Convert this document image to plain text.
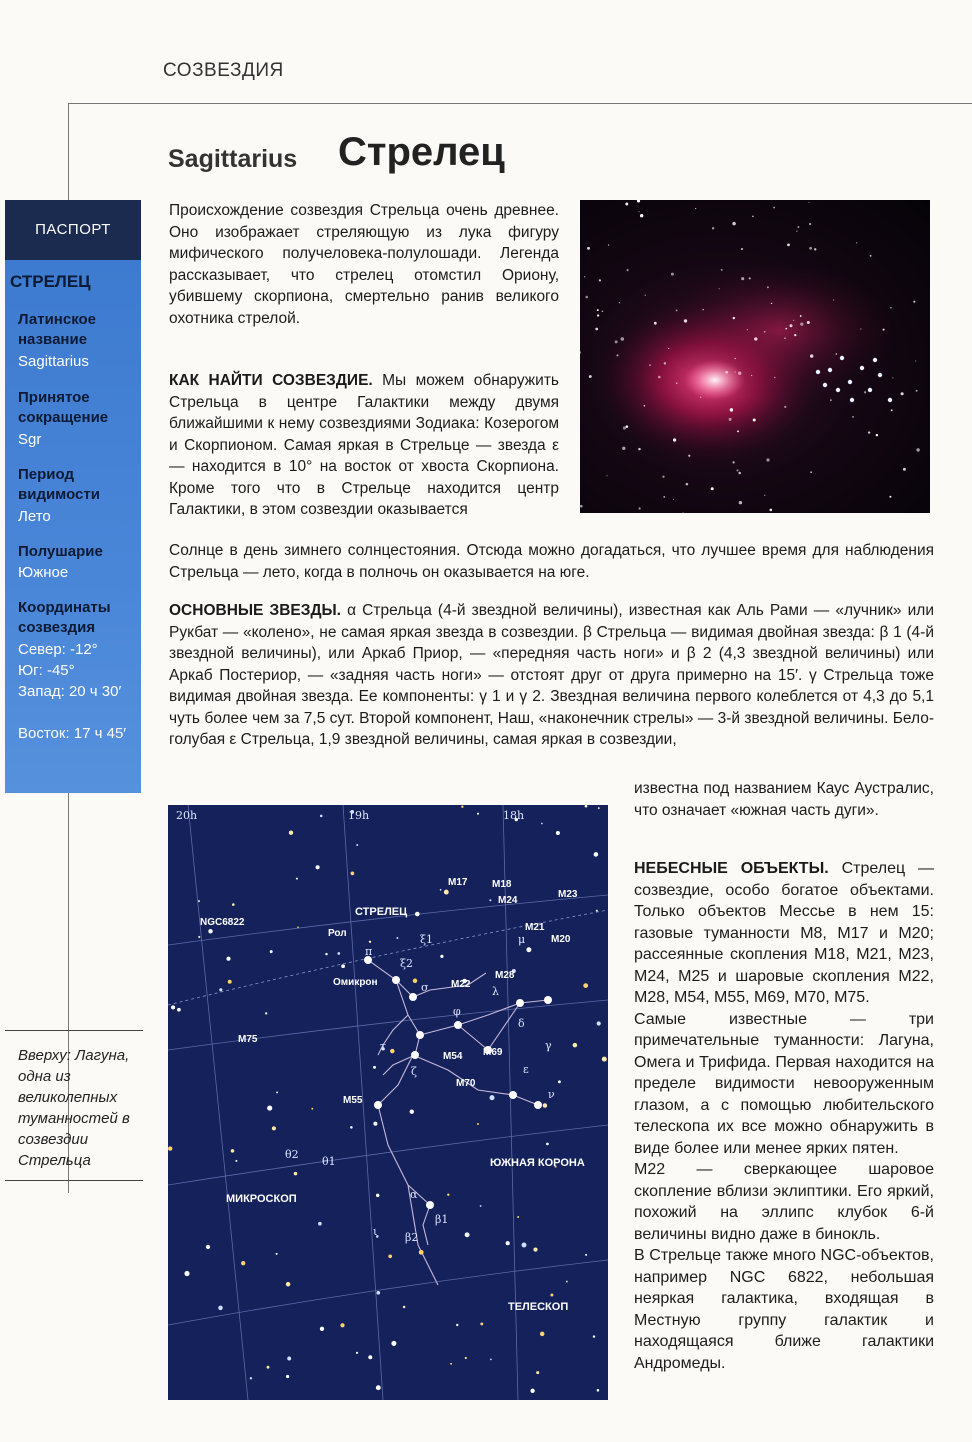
СОЗВЕЗДИЯ
Sagittarius Стрелец
ПАСПОРТ
СТРЕЛЕЦ
Латинское название
Sagittarius
Принятое сокращение
Sgr
Период видимости
Лето
Полушарие
Южное
Координаты созвездия
Север: -12°
Юг: -45°
Запад: 20 ч 30′
Восток: 17 ч 45′
Вверху: Лагуна, одна из великолепных туманностей в созвездии Стрельца
Происхождение созвездия Стрельца очень древнее. Оно изображает стреляющую из лука фигуру мифического получеловека-полулошади. Легенда рассказывает, что стрелец отомстил Ориону, убившему скорпиона, смертельно ранив великого охотника стрелой.
КАК НАЙТИ СОЗВЕЗДИЕ. Мы можем обнаружить Стрельца в центре Галактики между двумя ближайшими к нему созвездиями Зодиака: Козерогом и Скорпионом. Самая яркая в Стрельце — звезда ε — находится в 10° на восток от хвоста Скорпиона. Кроме того что в Стрельце находится центр Галактики, в этом созвездии оказывается
Солнце в день зимнего солнцестояния. Отсюда можно догадаться, что лучшее время для наблюдения Стрельца — лето, когда в полночь он оказывается на юге.
ОСНОВНЫЕ ЗВЕЗДЫ. α Стрельца (4-й звездной величины), известная как Аль Рами — «лучник» или Рукбат — «колено», не самая яркая звезда в созвездии. β Стрельца — видимая двойная звезда: β 1 (4-й звездной величины), или Аркаб Приор, — «передняя часть ноги» и β 2 (4,3 звездной величины) или Аркаб Постериор, — «задняя часть ноги» — отстоят друг от друга примерно на 15′. γ Стрельца тоже видимая двойная звезда. Ее компоненты: γ 1 и γ 2. Звездная величина первого колеблется от 4,3 до 5,1 чуть более чем за 7,5 сут. Второй компонент, Наш, «наконечник стрелы» — 3-й звездной величины. Бело-голубая ε Стрельца, 1,9 звездной величины, самая яркая в созвездии,
известна под названием Каус Аустралис, что означает «южная часть дуги».
НЕБЕСНЫЕ ОБЪЕКТЫ. Стрелец — созвездие, особо богатое объектами. Только объектов Мессье в нем 15: газовые туманности M8, M17 и M20; рассеянные скопления M18, M21, M23, M24, M25 и шаровые скопления M22, M28, M54, M55, M69, M70, M75.
Самые известные — три примечательные туманности: Лагуна, Омега и Трифида. Первая находится на пределе видимости невооруженным глазом, а с помощью любительского телескопа их все можно обнаружить в виде более или менее ярких пятен.
M22 — сверкающее шаровое скопление вблизи эклиптики. Его яркий, похожий на эллипс клубок 6-й величины видно даже в бинокль.
В Стрельце также много NGC-объектов, например NGC 6822, небольшая неяркая галактика, входящая в Местную группу галактик и находящаяся ближе галактики Андромеды.
СТРЕЛЕЦ
ЮЖНАЯ КОРОНА
МИКРОСКОП
ТЕЛЕСКОП
M17 M18
M24
M23
M21
M20
M22
M28
M54 M69
M70
M55
M75
NGC6822
Рол
Омикрон
π
ξ1
ξ2
σ
φ
λ
μ
δ
γ
τ
ζ	ε
ν
θ2
θ1
α
β1
β2
ι
20h	19h	18h
